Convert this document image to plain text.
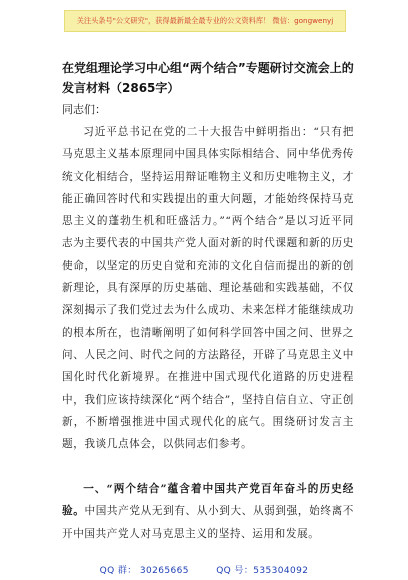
关注头条号"公文研究"，获得最新最全最专业的公文资料库！ 微信：gongwenyj
在党组理论学习中心组“两个结合”专题研讨交流会上的发言材料（2865字）
同志们：

习近平总书记在党的二十大报告中鲜明指出：“只有把马克思主义基本原理同中国具体实际相结合、同中华优秀传统文化相结合，坚持运用辩证唯物主义和历史唯物主义，才能正确回答时代和实践提出的重大问题，才能始终保持马克思主义的蓬勃生机和旺盛活力。”“两个结合”是以习近平同志为主要代表的中国共产党人面对新的时代课题和新的历史使命，以坚定的历史自觉和充沛的文化自信而提出的新的创新理论，具有深厚的历史基础、理论基础和实践基础，不仅深刻揭示了我们党过去为什么成功、未来怎样才能继续成功的根本所在，也清晰阐明了如何科学回答中国之问、世界之问、人民之问、时代之问的方法路径，开辟了马克思主义中国化时代化新境界。在推进中国式现代化道路的历史进程中，我们应该持续深化“两个结合”，坚持自信自立、守正创新，不断增强推进中国式现代化的底气。围绕研讨发言主题，我谈几点体会，以供同志们参考。

一、“两个结合”蕴含着中国共产党百年奋斗的历史经验。中国共产党从无到有、从小到大、从弱到强，始终离不开中国共产党人对马克思主义的坚持、运用和发展。

QQ 群： 30265665	QQ 号：535304092
